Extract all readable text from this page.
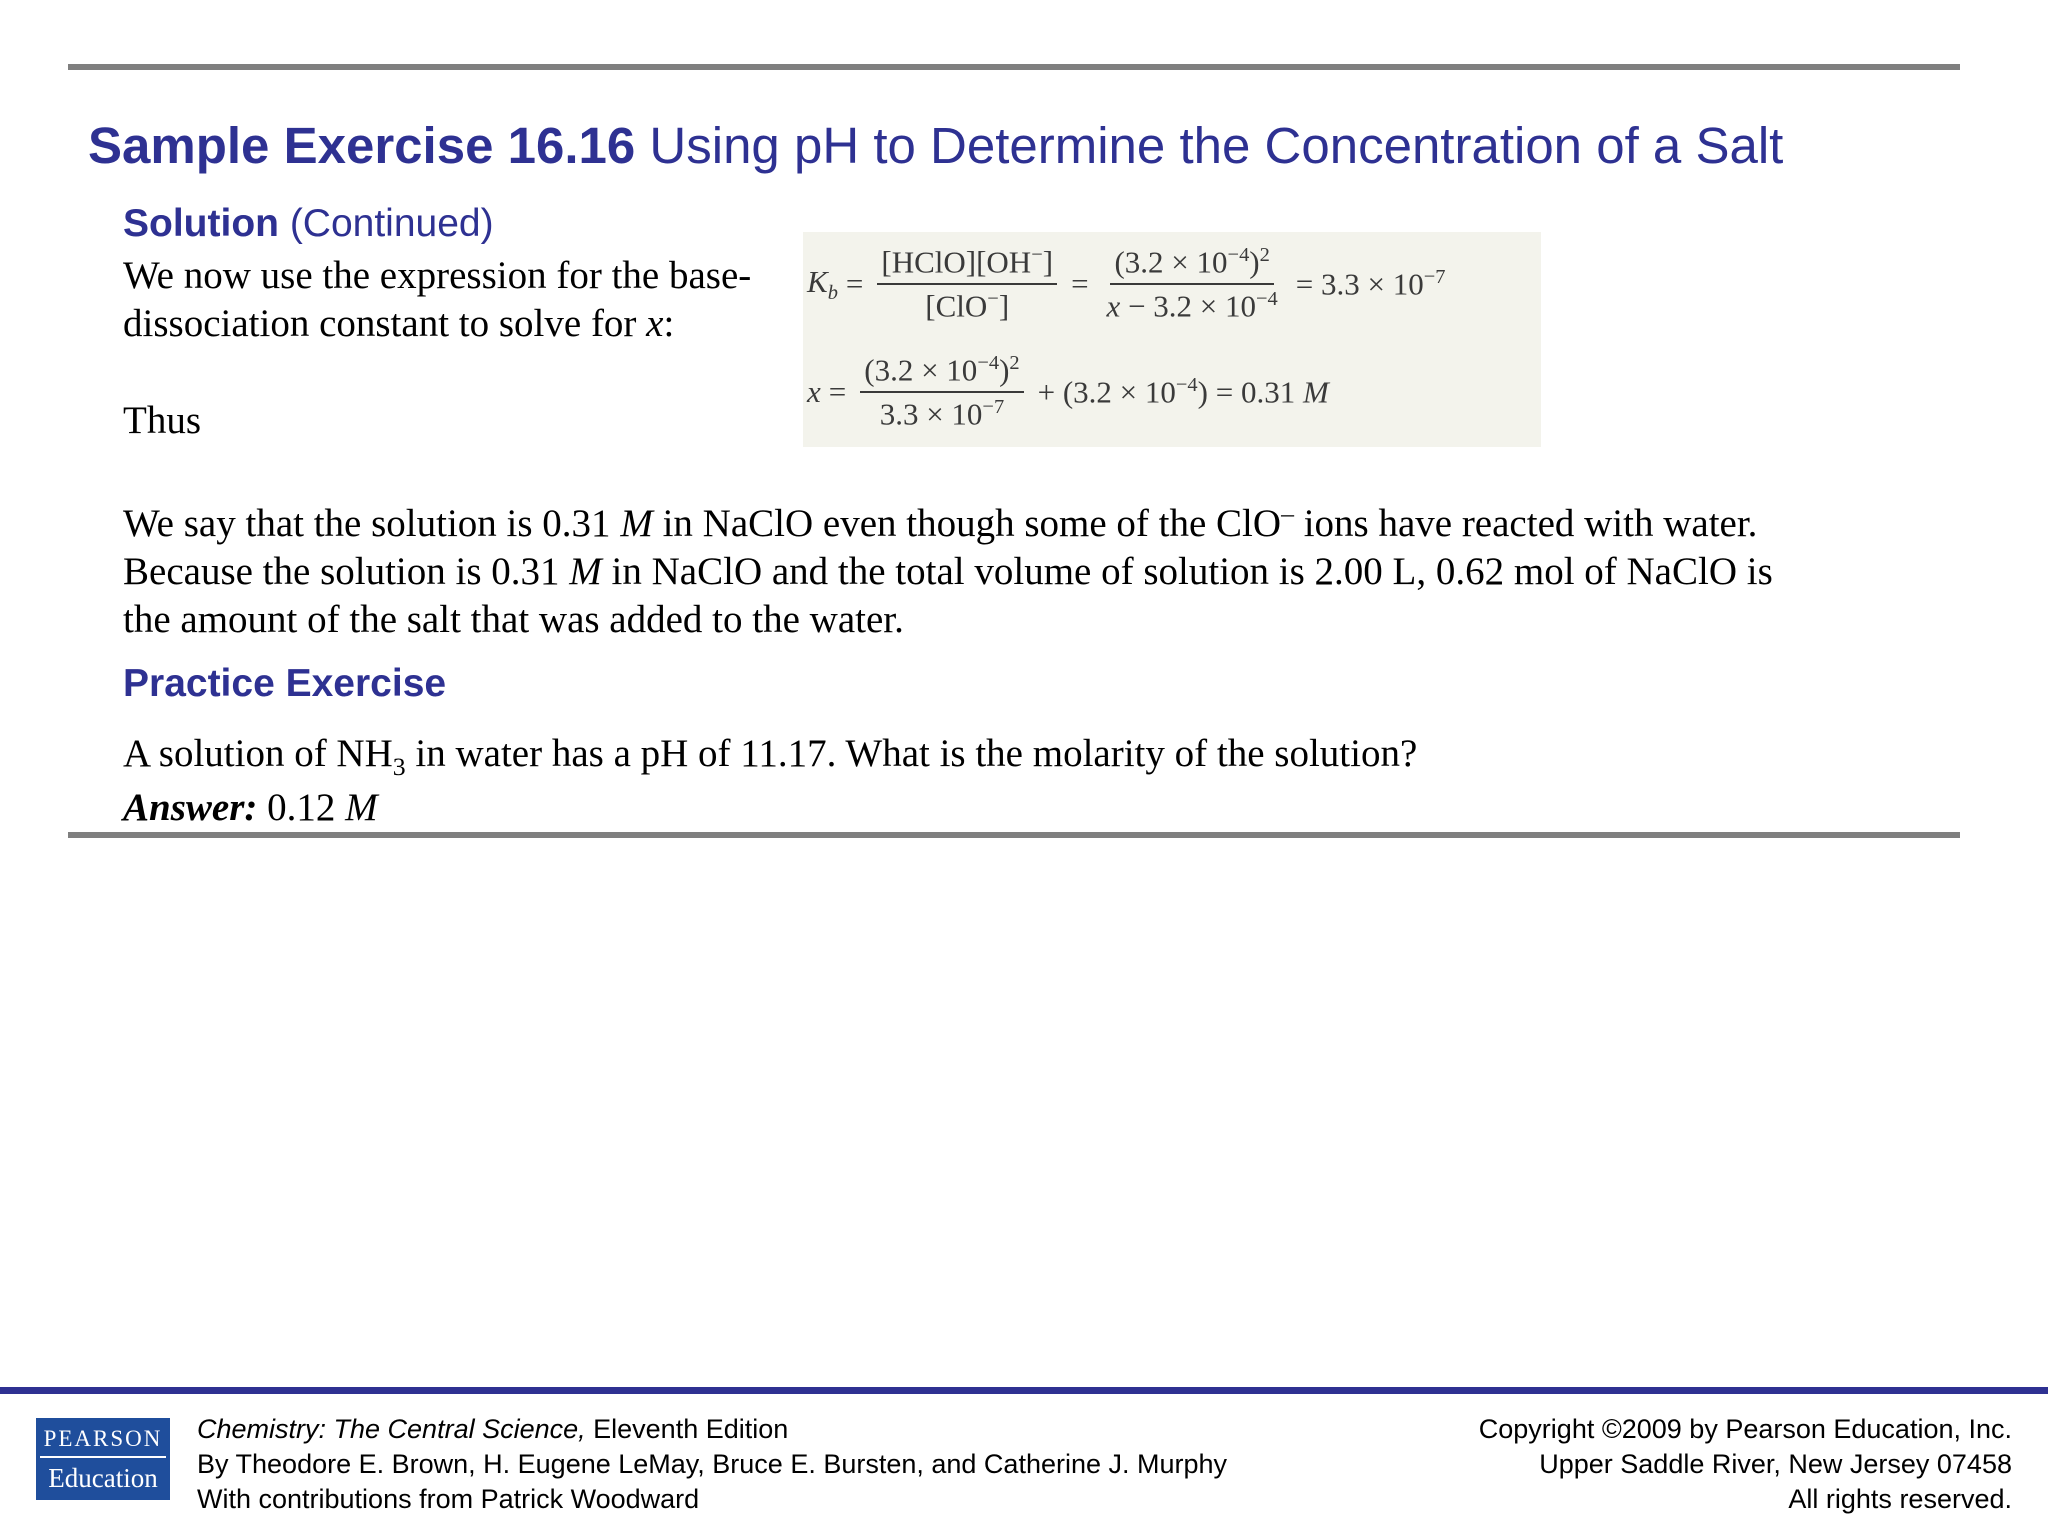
Sample Exercise 16.16 Using pH to Determine the Concentration of a Salt
Solution (Continued)
We now use the expression for the base-
dissociation constant to solve for x:
Thus
$K_b = \frac{[HClO][OH^-]}{[ClO^-]} = \frac{(3.2 \times 10^{-4})^2}{x - 3.2 \times 10^{-4}} = 3.3 \times 10^{-7}$
$x = \frac{(3.2 \times 10^{-4})^2}{3.3 \times 10^{-7}} + (3.2 \times 10^{-4}) = 0.31$ M
We say that the solution is 0.31 M in NaClO even though some of the ClO– ions have reacted with water.
Because the solution is 0.31 M in NaClO and the total volume of solution is 2.00 L, 0.62 mol of NaClO is
the amount of the salt that was added to the water.
Practice Exercise
A solution of $NH_3$ in water has a pH of 11.17. What is the molarity of the solution?
Answer: 0.12 M
PEARSON
Education
Chemistry: The Central Science, Eleventh Edition
By Theodore E. Brown, H. Eugene LeMay, Bruce E. Bursten, and Catherine J. Murphy
With contributions from Patrick Woodward
Copyright ©2009 by Pearson Education, Inc.
Upper Saddle River, New Jersey 07458
All rights reserved.
